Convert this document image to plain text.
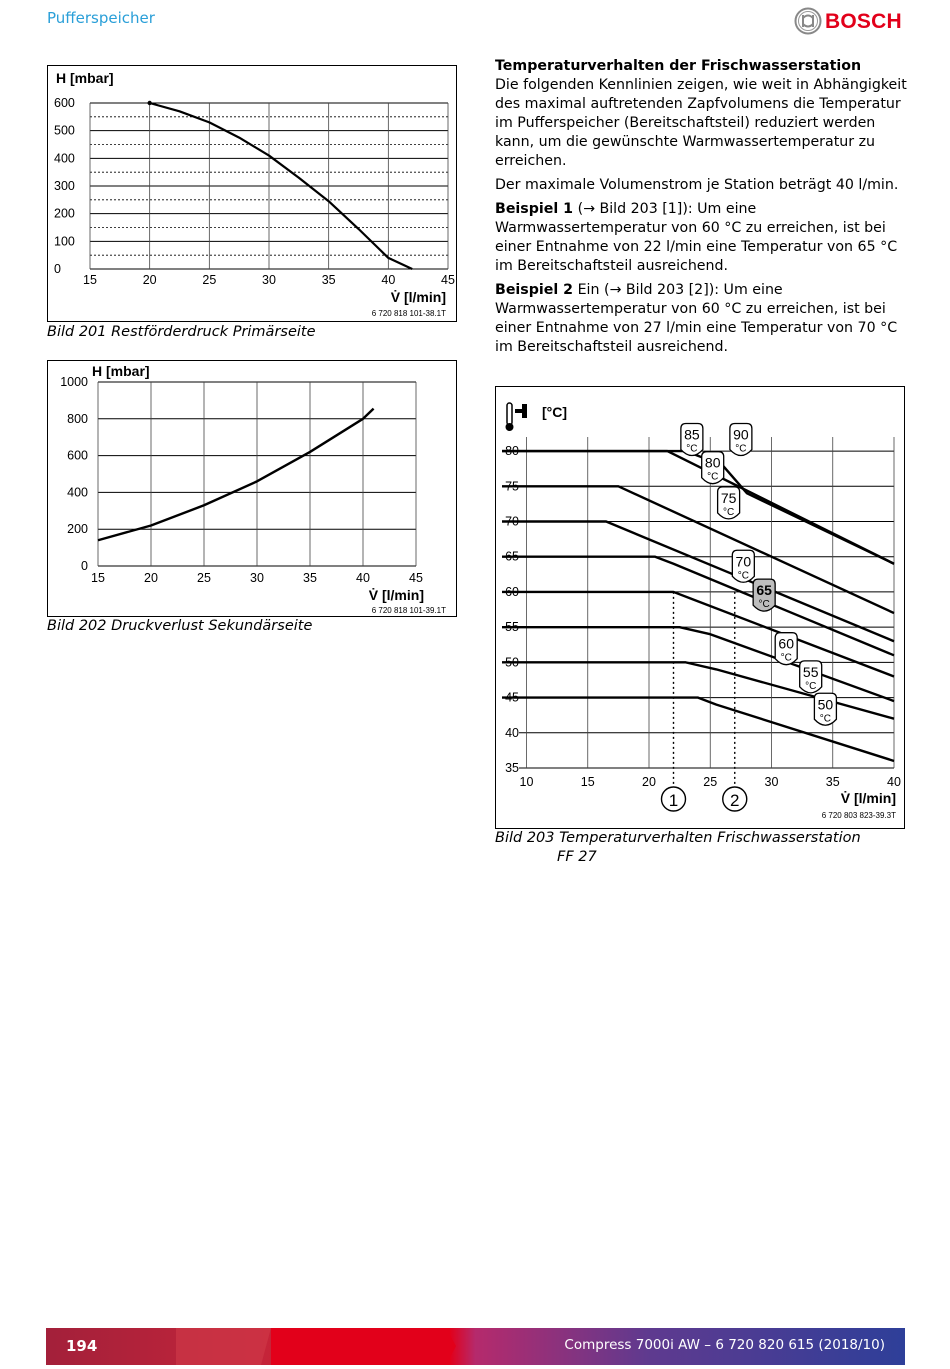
Pufferspeicher	BOSCH
0
100
200
300
400
500
600
15	20	25	30	35	40	45
H [mbar]
V̇ [l/min]
6 720 818 101-38.1T
Bild 201 Restförderdruck Primärseite
0
200
400
600
800
1000
15	20	25	30	35	40	45
H [mbar]
V̇ [l/min]
6 720 818 101-39.1T
Bild 202 Druckverlust Sekundärseite

Temperaturverhalten der Frischwasserstation

Die folgenden Kennlinien zeigen, wie weit in Abhängigkeit des maximal auftretenden Zapfvolumens die Temperatur im Pufferspeicher (Bereitschaftsteil) reduziert werden kann, um die gewünschte Warmwassertemperatur zu erreichen.

Der maximale Volumenstrom je Station beträgt 40 l/min.

Beispiel 1 (→ Bild 203 [1]): Um eine Warmwassertemperatur von 60 °C zu erreichen, ist bei einer Entnahme von 22 l/min eine Temperatur von 65 °C im Bereitschaftsteil ausreichend.

Beispiel 2 Ein (→ Bild 203 [2]): Um eine Warmwassertemperatur von 60 °C zu erreichen, ist bei einer Entnahme von 27 l/min eine Temperatur von 70 °C im Bereitschaftsteil ausreichend.

35
40
45
50
55
60
65
70
75
80
10	15	20	25	30	35	40
[°C]
V̇ [l/min]
6 720 803 823-39.3T
1	2
85
°C
90
°C
80
°C
75
°C
70
°C
65
°C
60
°C
55
°C
50
°C
Bild 203 Temperaturverhalten Frischwasserstation
FF 27
194	Compress 7000i AW – 6 720 820 615 (2018/10)
